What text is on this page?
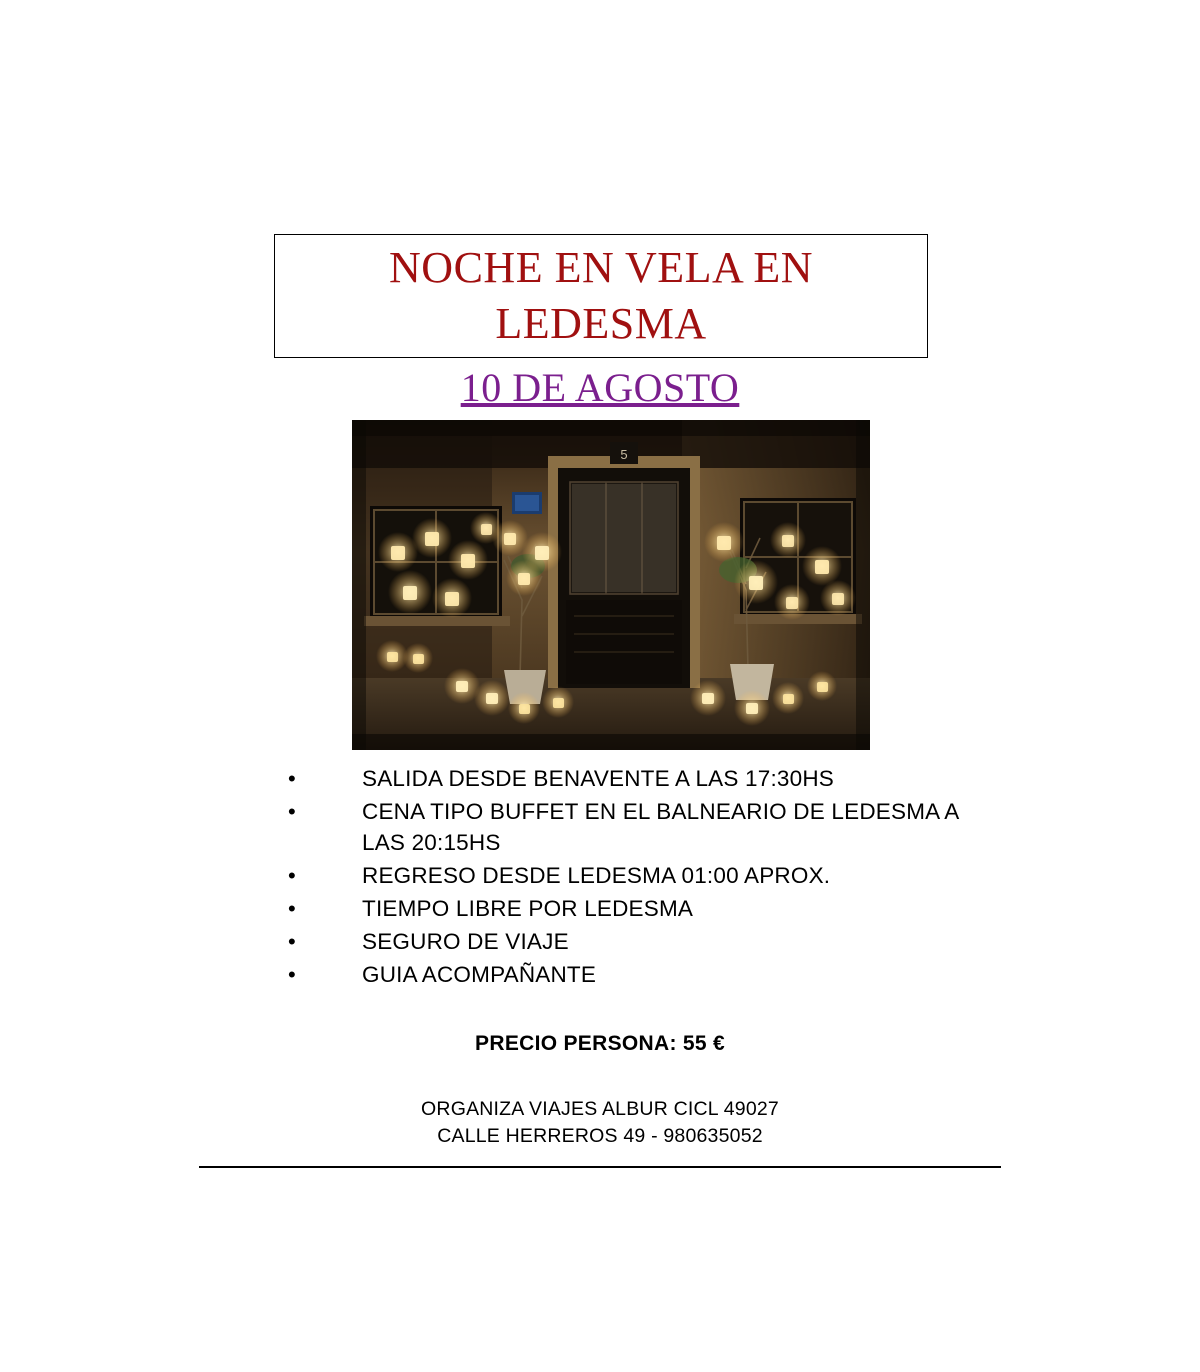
NOCHE EN VELA EN
LEDESMA
10 DE AGOSTO
5
•	SALIDA DESDE BENAVENTE A LAS 17:30HS
•	CENA TIPO BUFFET EN EL BALNEARIO DE LEDESMA A LAS 20:15HS
•	REGRESO DESDE LEDESMA 01:00 APROX.
•	TIEMPO LIBRE POR LEDESMA
•	SEGURO DE VIAJE
•	GUIA ACOMPAÑANTE
PRECIO PERSONA: 55 €
ORGANIZA VIAJES ALBUR CICL 49027
CALLE HERREROS 49 - 980635052
